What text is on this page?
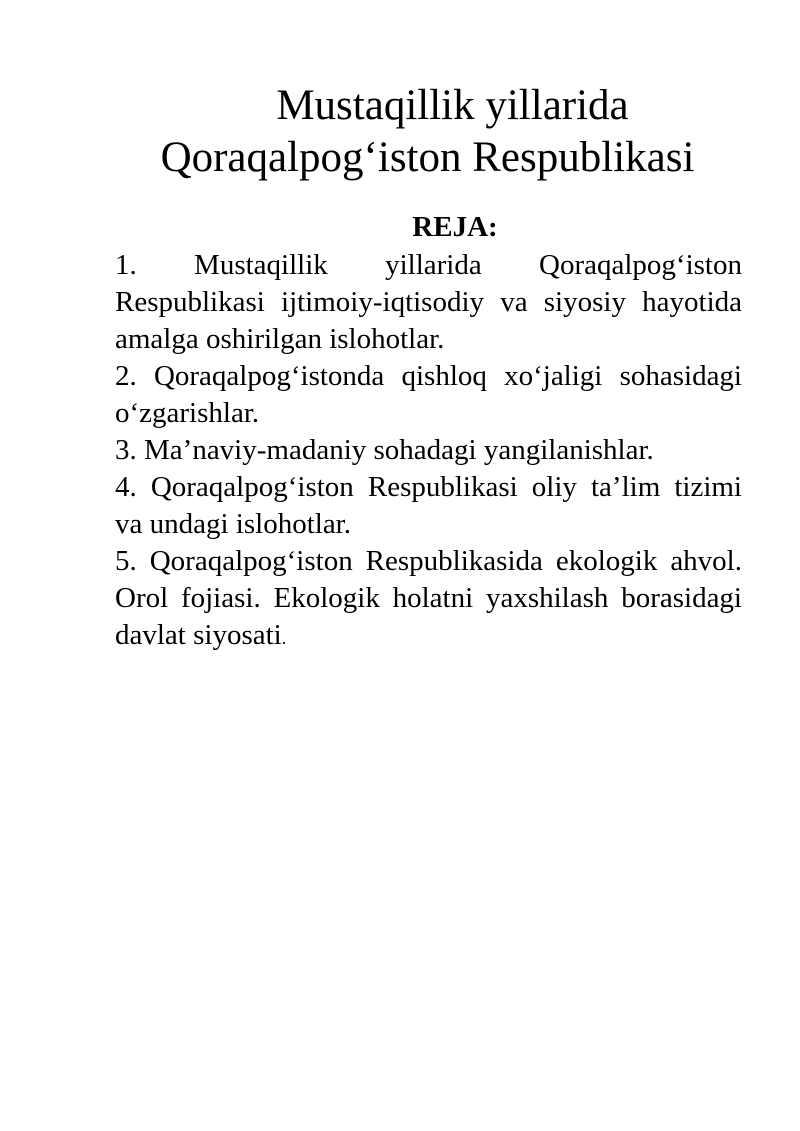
Mustaqillik yillarida
Qoraqalpog‘iston Respublikasi
REJA:
1. Mustaqillik yillarida Qoraqalpog‘iston Respublikasi ijtimoiy-iqtisodiy va siyosiy hayotida amalga oshirilgan islohotlar.
2. Qoraqalpog‘istonda qishloq xo‘jaligi sohasidagi o‘zgarishlar.
3. Ma’naviy-madaniy sohadagi yangilanishlar.
4. Qoraqalpog‘iston Respublikasi oliy ta’lim tizimi va undagi islohotlar.
5. Qoraqalpog‘iston Respublikasida ekologik ahvol. Orol fojiasi. Ekologik holatni yaxshilash borasidagi davlat siyosati.
